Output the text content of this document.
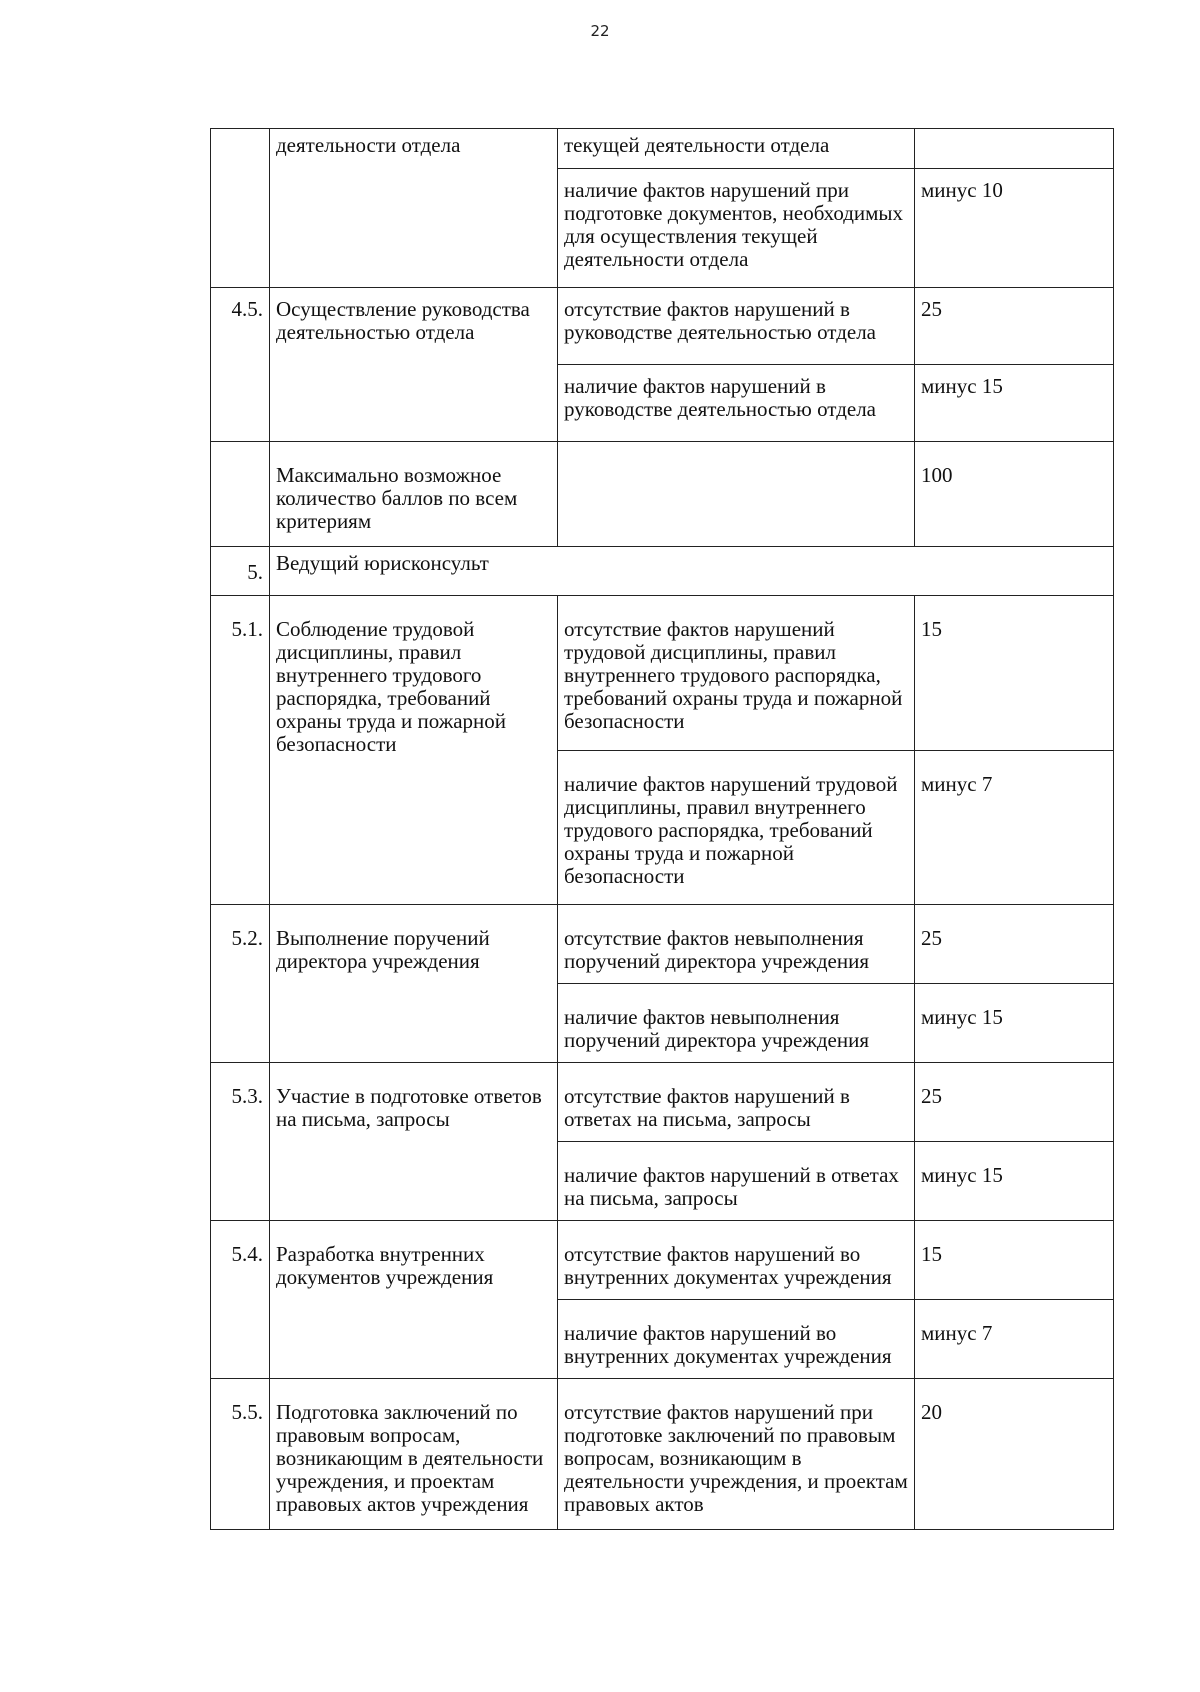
22
	деятельности отдела	текущей деятельности отдела	
		наличие фактов нарушений при подготовке документов, необходимых для осуществления текущей деятельности отдела	минус 10
4.5.	Осуществление руководства деятельностью отдела	отсутствие фактов нарушений в руководстве деятельностью отдела	25
		наличие фактов нарушений в руководстве деятельностью отдела	минус 15
	Максимально возможное количество баллов по всем критериям		100
5.	Ведущий юрисконсульт		
5.1.	Соблюдение трудовой дисциплины, правил внутреннего трудового распорядка, требований охраны труда и пожарной безопасности	отсутствие фактов нарушений трудовой дисциплины, правил внутреннего трудового распорядка, требований охраны труда и пожарной безопасности	15
		наличие фактов нарушений трудовой дисциплины, правил внутреннего трудового распорядка, требований охраны труда и пожарной безопасности	минус 7
5.2.	Выполнение поручений директора учреждения	отсутствие фактов невыполнения поручений директора учреждения	25
		наличие фактов невыполнения поручений директора учреждения	минус 15
5.3.	Участие в подготовке ответов на письма, запросы	отсутствие фактов нарушений в ответах на письма, запросы	25
		наличие фактов нарушений в ответах на письма, запросы	минус 15
5.4.	Разработка внутренних документов учреждения	отсутствие фактов нарушений во внутренних документах учреждения	15
		наличие фактов нарушений во внутренних документах учреждения	минус 7
5.5.	Подготовка заключений по правовым вопросам, возникающим в деятельности учреждения, и проектам правовых актов учреждения	отсутствие фактов нарушений при подготовке заключений по правовым вопросам, возникающим в деятельности учреждения, и проектам правовых актов	20
